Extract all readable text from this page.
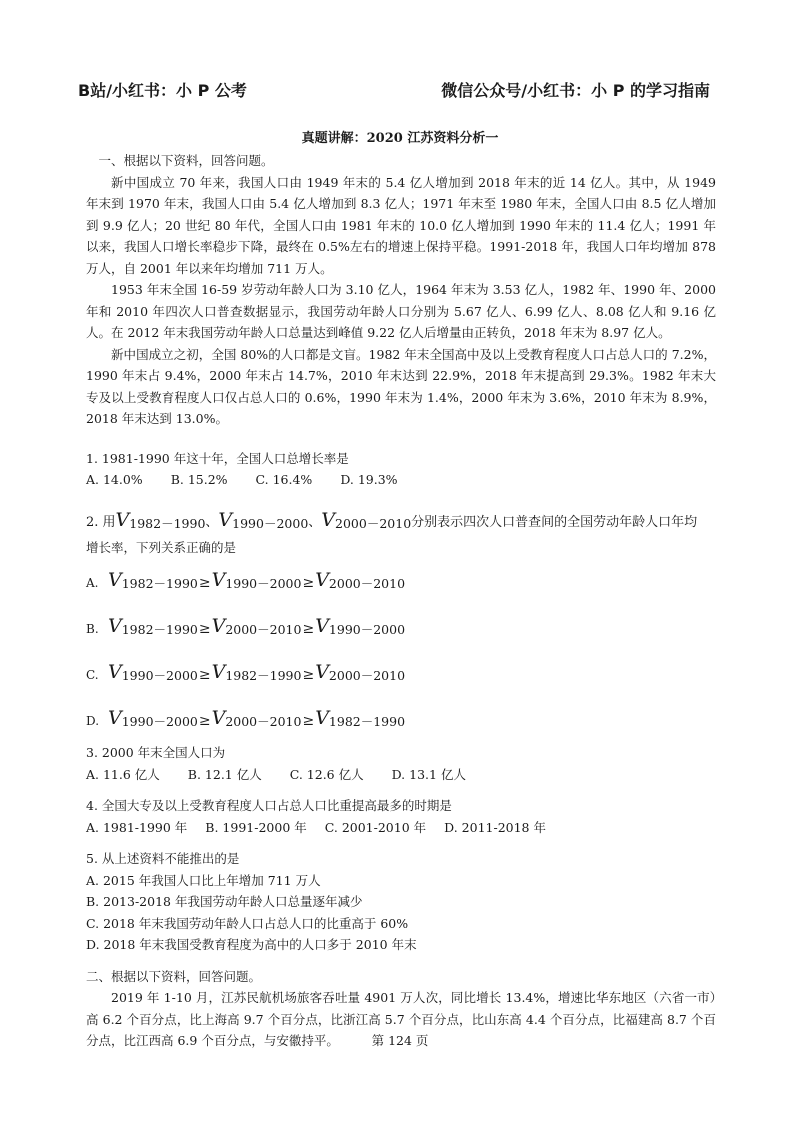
B站/小红书：小 P 公考	微信公众号/小红书：小 P 的学习指南
真题讲解：2020 江苏资料分析一

一、根据以下资料，回答问题。

新中国成立 70 年来，我国人口由 1949 年末的 5.4 亿人增加到 2018 年末的近 14 亿人。其中，从 1949 年末到 1970 年末，我国人口由 5.4 亿人增加到 8.3 亿人；1971 年末至 1980 年末，全国人口由 8.5 亿人增加到 9.9 亿人；20 世纪 80 年代，全国人口由 1981 年末的 10.0 亿人增加到 1990 年末的 11.4 亿人；1991 年以来，我国人口增长率稳步下降，最终在 0.5%左右的增速上保持平稳。1991-2018 年，我国人口年均增加 878 万人，自 2001 年以来年均增加 711 万人。

1953 年末全国 16-59 岁劳动年龄人口为 3.10 亿人，1964 年末为 3.53 亿人，1982 年、1990 年、2000 年和 2010 年四次人口普查数据显示，我国劳动年龄人口分别为 5.67 亿人、6.99 亿人、8.08 亿人和 9.16 亿人。在 2012 年末我国劳动年龄人口总量达到峰值 9.22 亿人后增量由正转负，2018 年末为 8.97 亿人。

新中国成立之初，全国 80%的人口都是文盲。1982 年末全国高中及以上受教育程度人口占总人口的 7.2%，1990 年末占 9.4%，2000 年末占 14.7%，2010 年末达到 22.9%，2018 年末提高到 29.3%。1982 年末大专及以上受教育程度人口仅占总人口的 0.6%，1990 年末为 1.4%，2000 年末为 3.6%，2010 年末为 8.9%，2018 年末达到 13.0%。

1. 1981-1990 年这十年，全国人口总增长率是

A. 14.0% B. 15.2% C. 16.4% D. 19.3%

2. 用$V_{1982-1990}$、$V_{1990-2000}$、$V_{2000-2010}$分别表示四次人口普查间的全国劳动年龄人口年均

增长率，下列关系正确的是

A. $V_{1982-1990} \ge V_{1990-2000} \ge V_{2000-2010}$
B. $V_{1982-1990} \ge V_{2000-2010} \ge V_{1990-2000}$
C. $V_{1990-2000} \ge V_{1982-1990} \ge V_{2000-2010}$
D. $V_{1990-2000} \ge V_{2000-2010} \ge V_{1982-1990}$

3. 2000 年末全国人口为

A. 11.6 亿人 B. 12.1 亿人 C. 12.6 亿人 D. 13.1 亿人

4. 全国大专及以上受教育程度人口占总人口比重提高最多的时期是

A. 1981-1990 年 B. 1991-2000 年 C. 2001-2010 年 D. 2011-2018 年

5. 从上述资料不能推出的是

A. 2015 年我国人口比上年增加 711 万人

B. 2013-2018 年我国劳动年龄人口总量逐年减少

C. 2018 年末我国劳动年龄人口占总人口的比重高于 60%

D. 2018 年末我国受教育程度为高中的人口多于 2010 年末

二、根据以下资料，回答问题。

2019 年 1-10 月，江苏民航机场旅客吞吐量 4901 万人次，同比增长 13.4%，增速比华东地区（六省一市）高 6.2 个百分点，比上海高 9.7 个百分点，比浙江高 5.7 个百分点，比山东高 4.4 个百分点，比福建高 8.7 个百分点，比江西高 6.9 个百分点，与安徽持平。	第 124 页
